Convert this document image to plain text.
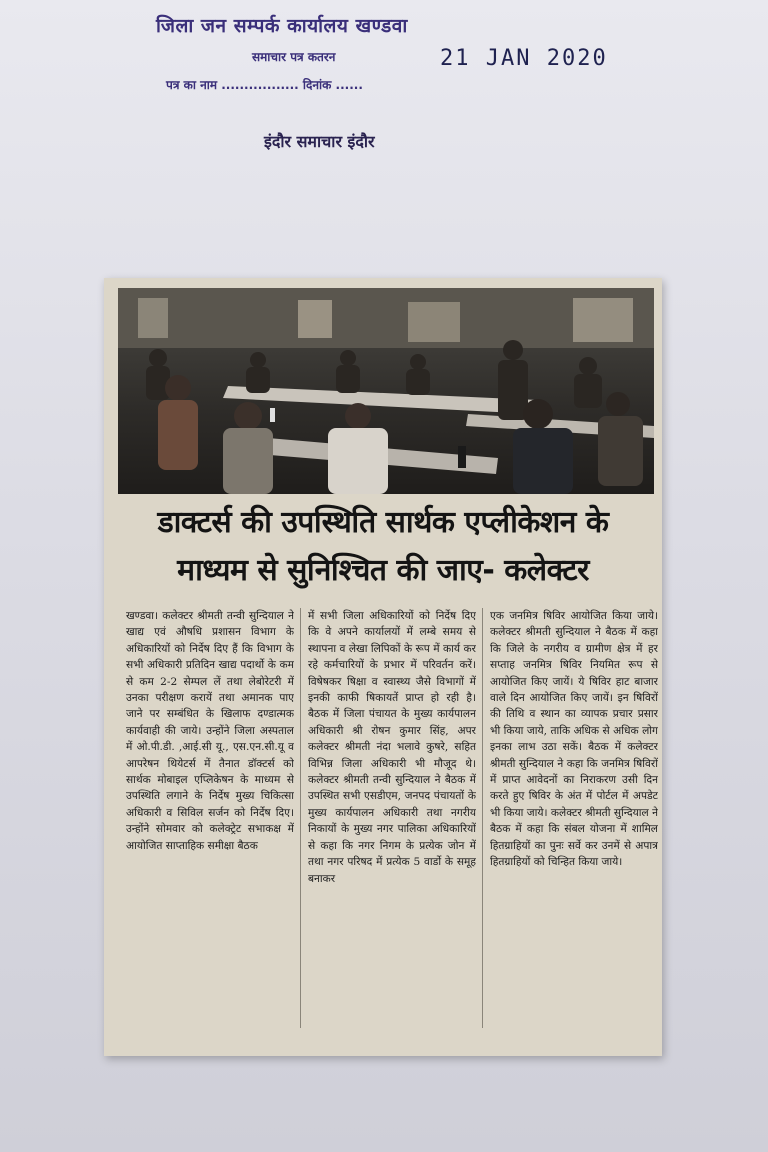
जिला जन सम्पर्क कार्यालय खण्डवा
समाचार पत्र कतरन
पत्र का नाम ................. दिनांक ......
21 JAN 2020
इंदौर समाचार इंदौर
डाक्टर्स की उपस्थिति सार्थक एप्लीकेशन के
माध्यम से सुनिश्चित की जाए- कलेक्टर
खण्डवा। कलेक्टर श्रीमती तन्वी सुन्दियाल ने खाद्य एवं औषधि प्रशासन विभाग के अधिकारियों को निर्देष दिए हैं कि विभाग के सभी अधिकारी प्रतिदिन खाद्य पदार्थो के कम से कम 2-2 सेम्पल लें तथा लेबोरेटरी में उनका परीक्षण करायें तथा अमानक पाए जाने पर सम्बंधित के खिलाफ दण्डात्मक कार्यवाही की जाये। उन्होंने जिला अस्पताल में ओ.पी.डी. ,आई.सी यू., एस.एन.सी.यू व आपरेषन थियेटर्स में तैनात डॉक्टर्स को सार्थक मोबाइल एप्लिकेषन के माध्यम से उपस्थिति लगाने के निर्देष मुख्य चिकित्सा अधिकारी व सिविल सर्जन को निर्देष दिए। उन्होंने सोमवार को कलेक्ट्रेट सभाकक्ष में आयोजित साप्ताहिक समीक्षा बैठक
में सभी जिला अधिकारियों को निर्देष दिए कि वे अपने कार्यालयों में लम्बे समय से स्थापना व लेखा लिपिकों के रूप में कार्य कर रहे कर्मचारियों के प्रभार में परिवर्तन करें। विषेषकर षिक्षा व स्वास्थ्य जैसे विभागों में इनकी काफी षिकायतें प्राप्त हो रही है। बैठक में जिला पंचायत के मुख्य कार्यपालन अधिकारी श्री रोषन कुमार सिंह, अपर कलेक्टर श्रीमती नंदा भलावे कुषरे, सहित विभिन्न जिला अधिकारी भी मौजूद थे। कलेक्टर श्रीमती तन्वी सुन्दियाल ने बैठक में उपस्थित सभी एसडीएम, जनपद पंचायतों के मुख्य कार्यपालन अधिकारी तथा नगरीय निकायों के मुख्य नगर पालिका अधिकारियों से कहा कि नगर निगम के प्रत्येक जोन में तथा नगर परिषद में प्रत्येक 5 वार्डो के समूह बनाकर
एक जनमित्र षिविर आयोजित किया जाये। कलेक्टर श्रीमती सुन्दियाल ने बैठक में कहा कि जिले के नगरीय व ग्रामीण क्षेत्र में हर सप्ताह जनमित्र षिविर नियमित रूप से आयोजित किए जायें। ये षिविर हाट बाजार वाले दिन आयोजित किए जायें। इन षिविरों की तिथि व स्थान का व्यापक प्रचार प्रसार भी किया जाये, ताकि अधिक से अधिक लोग इनका लाभ उठा सकें। बैठक में कलेक्टर श्रीमती सुन्दियाल ने कहा कि जनमित्र षिविरों में प्राप्त आवेदनों का निराकरण उसी दिन करते हुए षिविर के अंत में पोर्टल में अपडेट भी किया जाये। कलेक्टर श्रीमती सुन्दियाल ने बैठक में कहा कि संबल योजना में शामिल हितग्राहियों का पुनः सर्वे कर उनमें से अपात्र हितग्राहियों को चिन्हित किया जाये।
